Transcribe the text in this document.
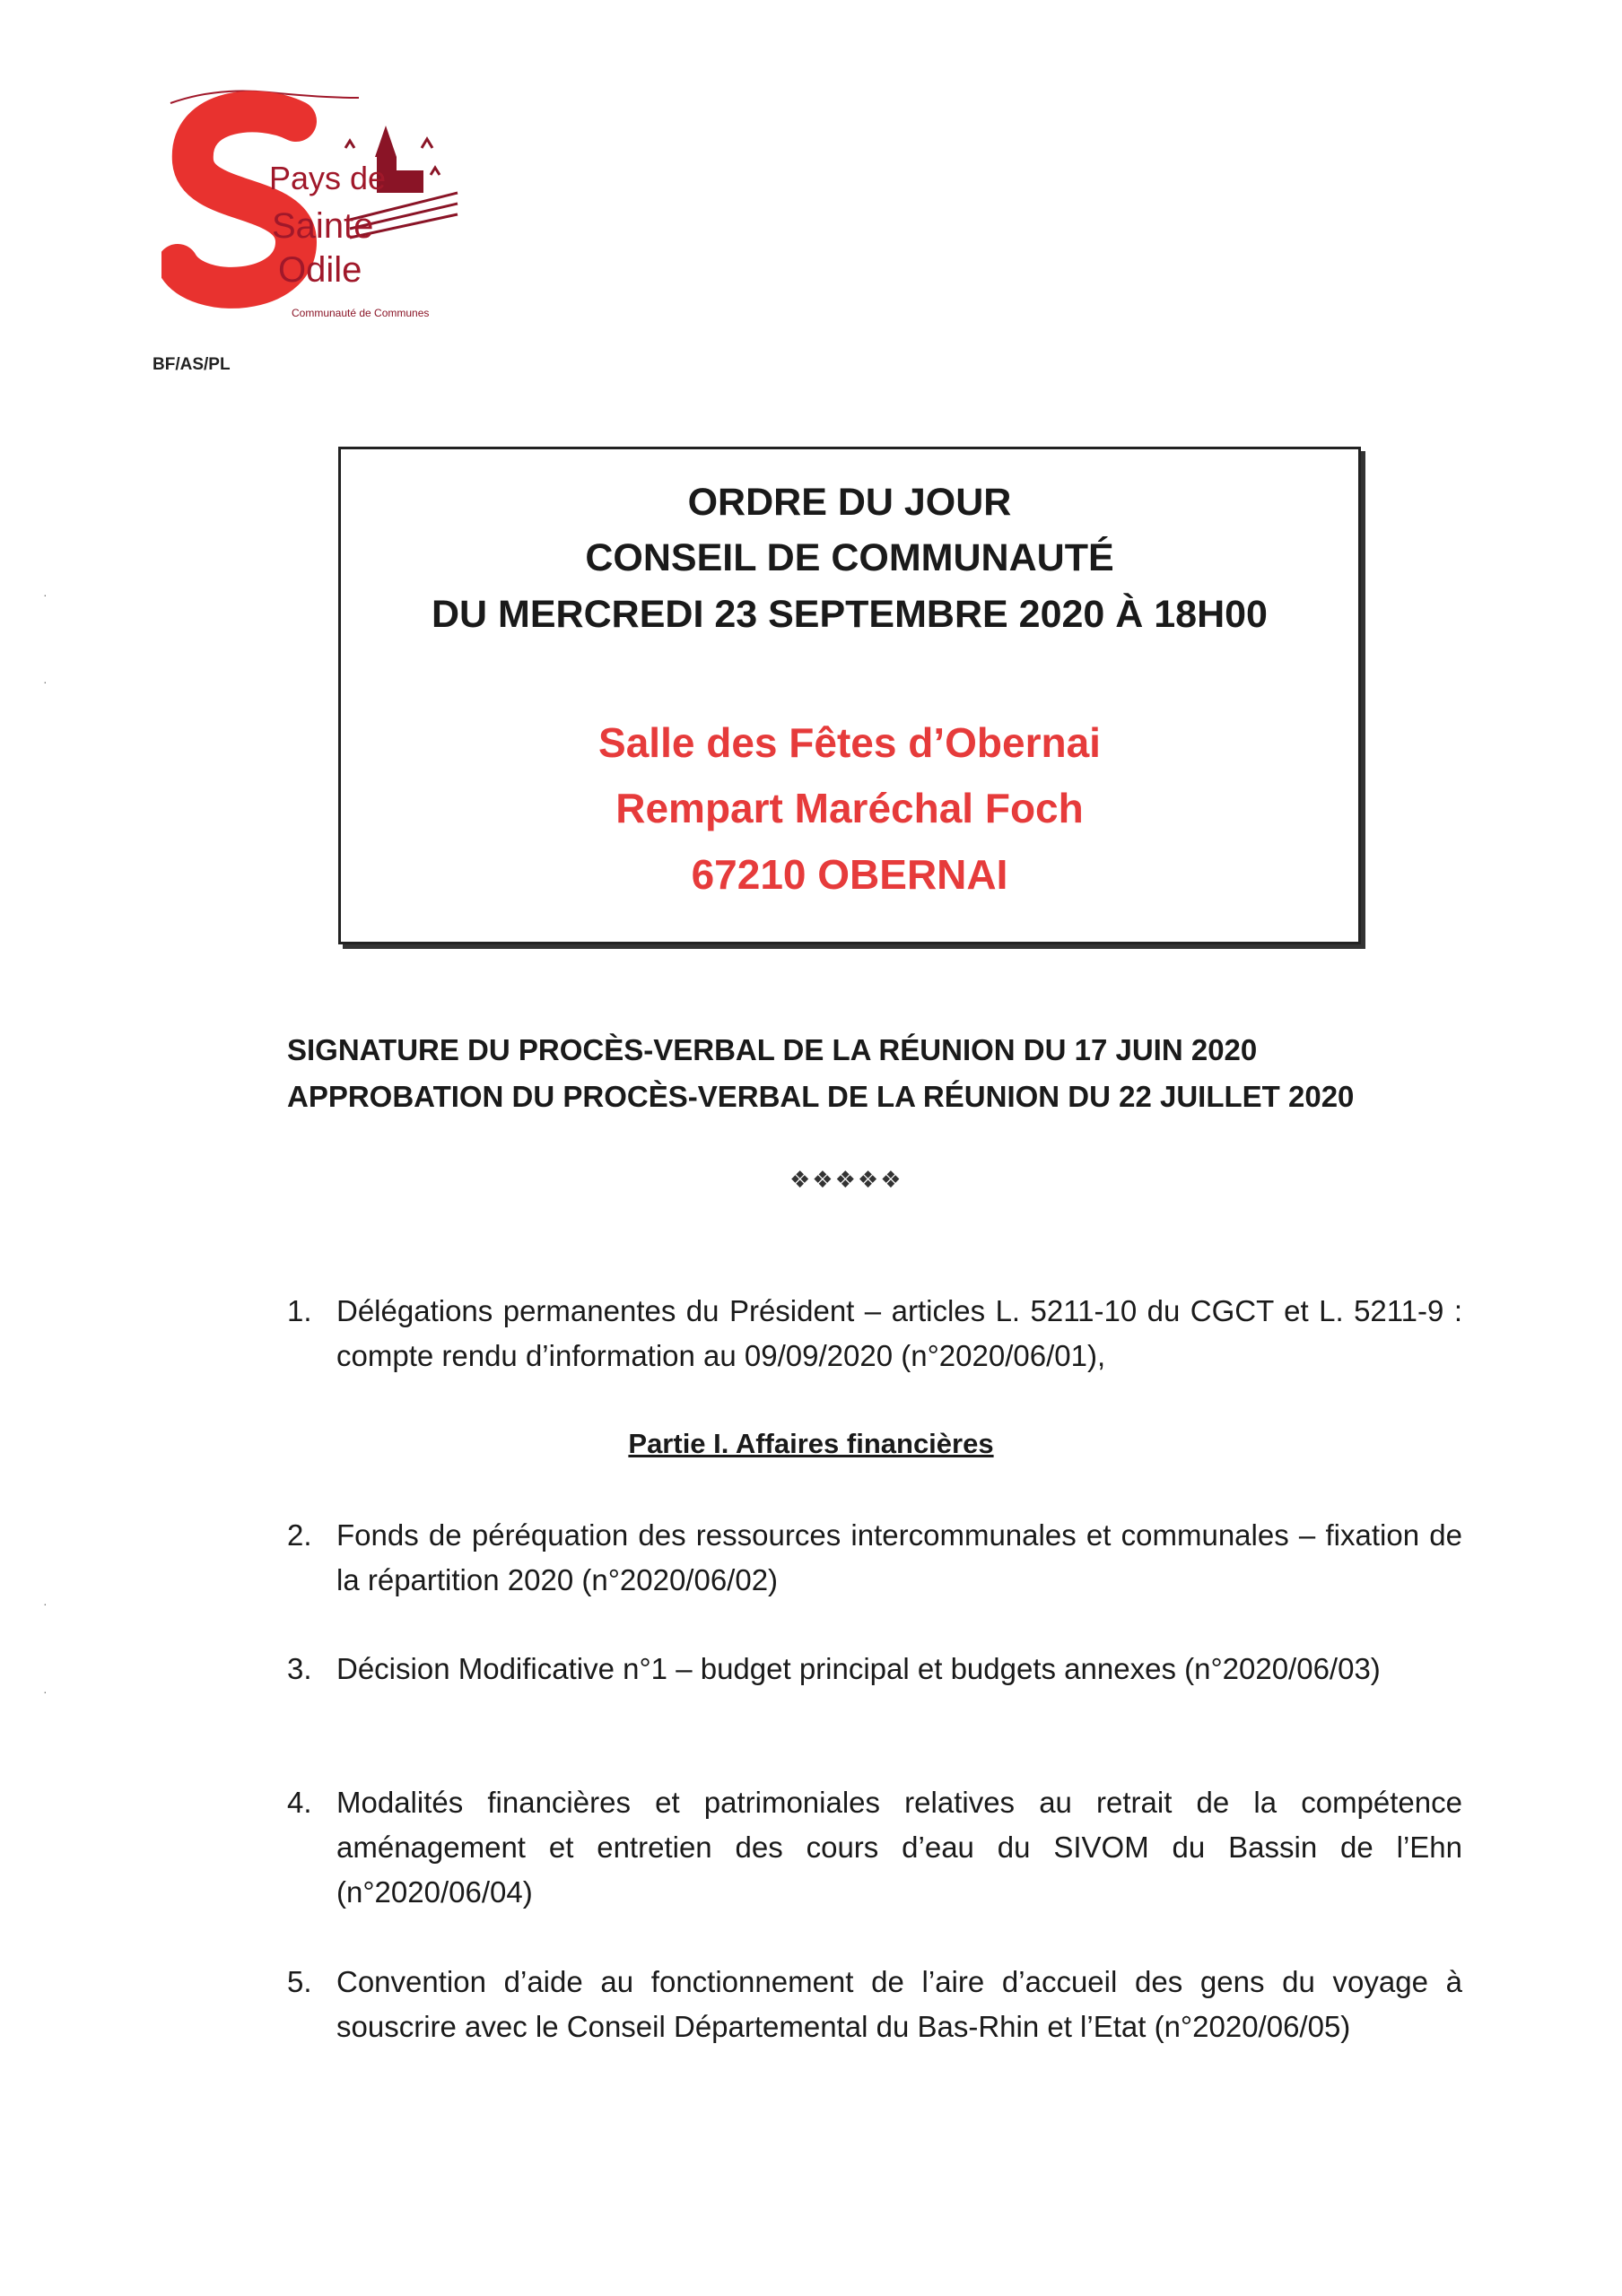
Pays de
Sainte
Odile
Communauté de Communes
BF/AS/PL
·
·
·
·
ORDRE DU JOUR
CONSEIL DE COMMUNAUTÉ
DU MERCREDI 23 SEPTEMBRE 2020 À 18H00
Salle des Fêtes d’Obernai
Rempart Maréchal Foch
67210 OBERNAI
SIGNATURE DU PROCÈS-VERBAL DE LA RÉUNION DU 17 JUIN 2020
APPROBATION DU PROCÈS-VERBAL DE LA RÉUNION DU 22 JUILLET 2020
❖❖❖❖❖
1. Délégations permanentes du Président – articles L. 5211-10 du CGCT et L. 5211-9 : compte rendu d’information au 09/09/2020 (n°2020/06/01),
Partie I. Affaires financières
2. Fonds de péréquation des ressources intercommunales et communales – fixation de la répartition 2020 (n°2020/06/02)
3. Décision Modificative n°1 – budget principal et budgets annexes (n°2020/06/03)
4. Modalités financières et patrimoniales relatives au retrait de la compétence aménagement et entretien des cours d’eau du SIVOM du Bassin de l’Ehn (n°2020/06/04)
5. Convention d’aide au fonctionnement de l’aire d’accueil des gens du voyage à souscrire avec le Conseil Départemental du Bas-Rhin et l’Etat (n°2020/06/05)
